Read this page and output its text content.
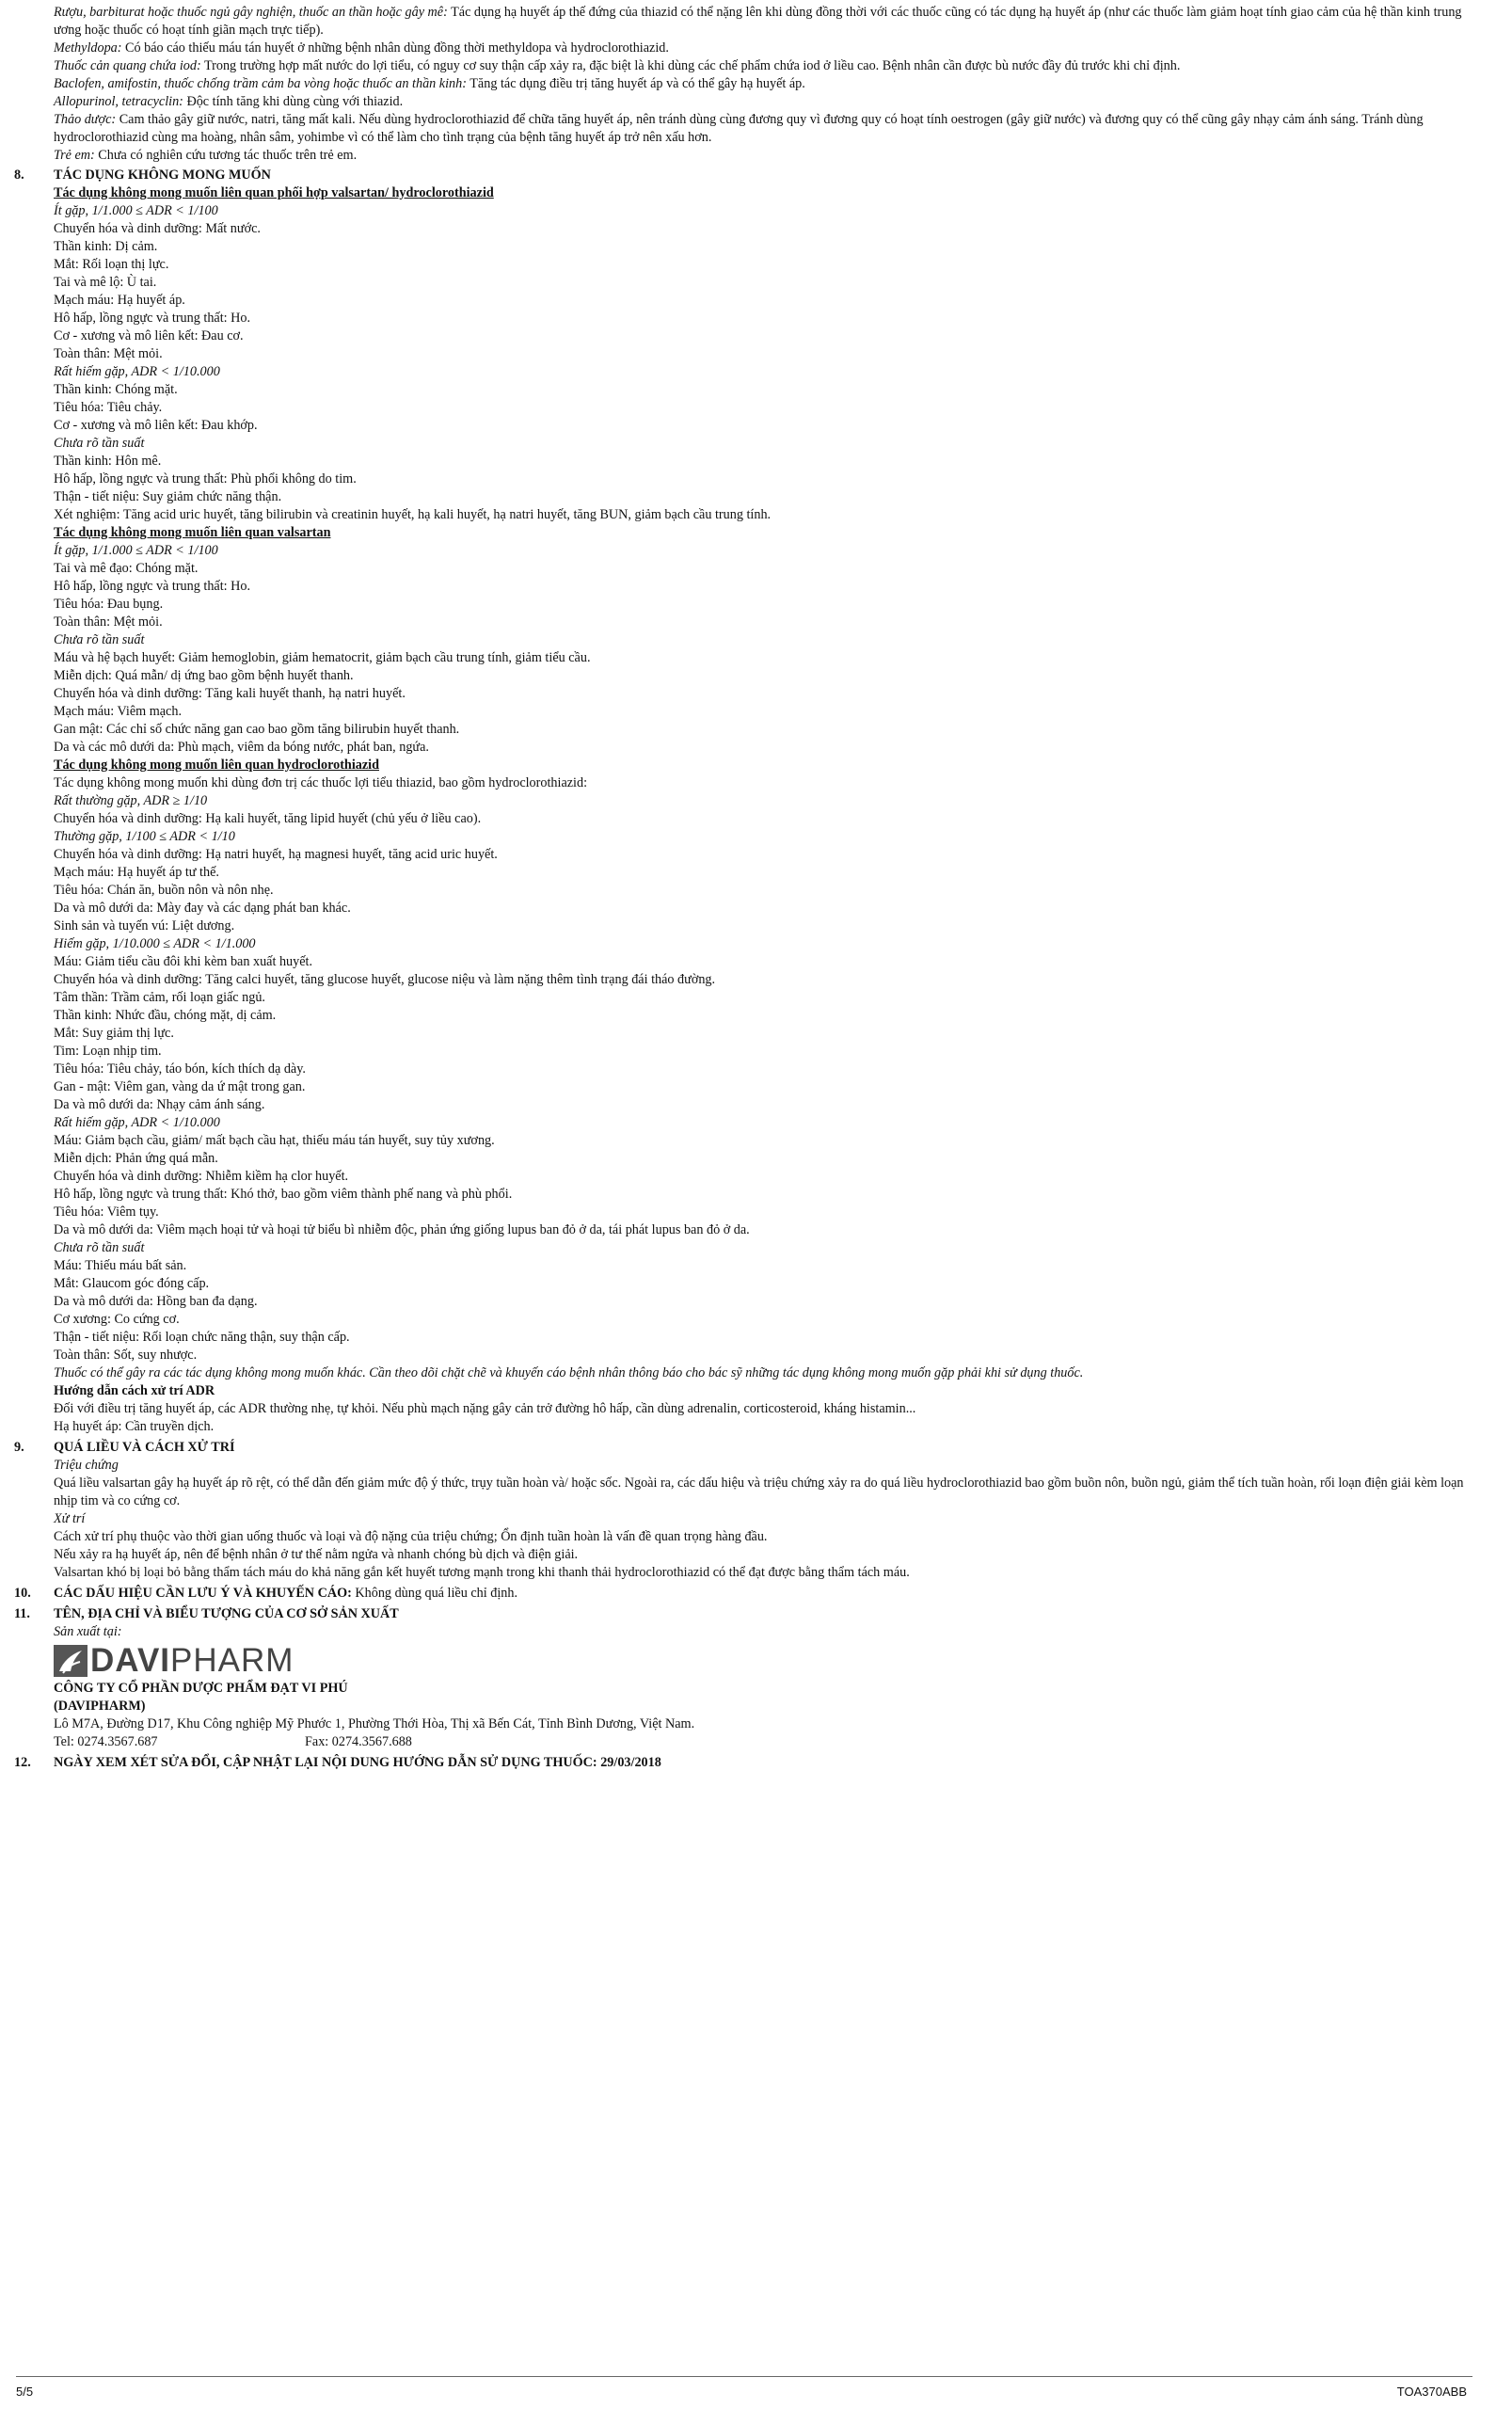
Rượu, barbiturat hoặc thuốc ngủ gây nghiện, thuốc an thần hoặc gây mê: Tác dụng hạ huyết áp thế đứng của thiazid có thể nặng lên khi dùng đồng thời với các thuốc cũng có tác dụng hạ huyết áp (như các thuốc làm giảm hoạt tính giao cảm của hệ thần kinh trung ương hoặc thuốc có hoạt tính giãn mạch trực tiếp).
Methyldopa: Có báo cáo thiếu máu tán huyết ở những bệnh nhân dùng đồng thời methyldopa và hydroclorothiazid.
Thuốc cản quang chứa iod: Trong trường hợp mất nước do lợi tiểu, có nguy cơ suy thận cấp xảy ra, đặc biệt là khi dùng các chế phẩm chứa iod ở liều cao. Bệnh nhân cần được bù nước đầy đủ trước khi chỉ định.
Baclofen, amifostin, thuốc chống trầm cảm ba vòng hoặc thuốc an thần kinh: Tăng tác dụng điều trị tăng huyết áp và có thể gây hạ huyết áp.
Allopurinol, tetracyclin: Độc tính tăng khi dùng cùng với thiazid.
Thảo dược: Cam thảo gây giữ nước, natri, tăng mất kali. Nếu dùng hydroclorothiazid để chữa tăng huyết áp, nên tránh dùng cùng đương quy vì đương quy có hoạt tính oestrogen (gây giữ nước) và đương quy có thể cũng gây nhạy cảm ánh sáng. Tránh dùng hydroclorothiazid cùng ma hoàng, nhân sâm, yohimbe vì có thể làm cho tình trạng của bệnh tăng huyết áp trở nên xấu hơn.
Trẻ em: Chưa có nghiên cứu tương tác thuốc trên trẻ em.
8. TÁC DỤNG KHÔNG MONG MUỐN
Tác dụng không mong muốn liên quan phối hợp valsartan/ hydroclorothiazid
Ít gặp, 1/1.000 ≤ ADR < 1/100
Chuyển hóa và dinh dưỡng: Mất nước.
Thần kinh: Dị cảm.
Mắt: Rối loạn thị lực.
Tai và mê lộ: Ù tai.
Mạch máu: Hạ huyết áp.
Hô hấp, lồng ngực và trung thất: Ho.
Cơ - xương và mô liên kết: Đau cơ.
Toàn thân: Mệt mỏi.
Rất hiếm gặp, ADR < 1/10.000
Thần kinh: Chóng mặt.
Tiêu hóa: Tiêu chảy.
Cơ - xương và mô liên kết: Đau khớp.
Chưa rõ tần suất
Thần kinh: Hôn mê.
Hô hấp, lồng ngực và trung thất: Phù phổi không do tim.
Thận - tiết niệu: Suy giảm chức năng thận.
Xét nghiệm: Tăng acid uric huyết, tăng bilirubin và creatinin huyết, hạ kali huyết, hạ natri huyết, tăng BUN, giảm bạch cầu trung tính.
Tác dụng không mong muốn liên quan valsartan
Ít gặp, 1/1.000 ≤ ADR < 1/100
Tai và mê đạo: Chóng mặt.
Hô hấp, lồng ngực và trung thất: Ho.
Tiêu hóa: Đau bụng.
Toàn thân: Mệt mỏi.
Chưa rõ tần suất
Máu và hệ bạch huyết: Giảm hemoglobin, giảm hematocrit, giảm bạch cầu trung tính, giảm tiểu cầu.
Miễn dịch: Quá mẫn/ dị ứng bao gồm bệnh huyết thanh.
Chuyển hóa và dinh dưỡng: Tăng kali huyết thanh, hạ natri huyết.
Mạch máu: Viêm mạch.
Gan mật: Các chỉ số chức năng gan cao bao gồm tăng bilirubin huyết thanh.
Da và các mô dưới da: Phù mạch, viêm da bóng nước, phát ban, ngứa.
Tác dụng không mong muốn liên quan hydroclorothiazid
Tác dụng không mong muốn khi dùng đơn trị các thuốc lợi tiểu thiazid, bao gồm hydroclorothiazid:
Rất thường gặp, ADR ≥ 1/10
Chuyển hóa và dinh dưỡng: Hạ kali huyết, tăng lipid huyết (chủ yếu ở liều cao).
Thường gặp, 1/100 ≤ ADR < 1/10
Chuyển hóa và dinh dưỡng: Hạ natri huyết, hạ magnesi huyết, tăng acid uric huyết.
Mạch máu: Hạ huyết áp tư thế.
Tiêu hóa: Chán ăn, buồn nôn và nôn nhẹ.
Da và mô dưới da: Mày đay và các dạng phát ban khác.
Sinh sản và tuyến vú: Liệt dương.
Hiếm gặp, 1/10.000 ≤ ADR < 1/1.000
Máu: Giảm tiểu cầu đôi khi kèm ban xuất huyết.
Chuyển hóa và dinh dưỡng: Tăng calci huyết, tăng glucose huyết, glucose niệu và làm nặng thêm tình trạng đái tháo đường.
Tâm thần: Trầm cảm, rối loạn giấc ngủ.
Thần kinh: Nhức đầu, chóng mặt, dị cảm.
Mắt: Suy giảm thị lực.
Tim: Loạn nhịp tim.
Tiêu hóa: Tiêu chảy, táo bón, kích thích dạ dày.
Gan - mật: Viêm gan, vàng da ứ mật trong gan.
Da và mô dưới da: Nhạy cảm ánh sáng.
Rất hiếm gặp, ADR < 1/10.000
Máu: Giảm bạch cầu, giảm/ mất bạch cầu hạt, thiếu máu tán huyết, suy tủy xương.
Miễn dịch: Phản ứng quá mẫn.
Chuyển hóa và dinh dưỡng: Nhiễm kiềm hạ clor huyết.
Hô hấp, lồng ngực và trung thất: Khó thở, bao gồm viêm thành phế nang và phù phổi.
Tiêu hóa: Viêm tụy.
Da và mô dưới da: Viêm mạch hoại tử và hoại tử biểu bì nhiễm độc, phản ứng giống lupus ban đỏ ở da, tái phát lupus ban đỏ ở da.
Chưa rõ tần suất
Máu: Thiếu máu bất sản.
Mắt: Glaucom góc đóng cấp.
Da và mô dưới da: Hồng ban đa dạng.
Cơ xương: Co cứng cơ.
Thận - tiết niệu: Rối loạn chức năng thận, suy thận cấp.
Toàn thân: Sốt, suy nhược.
Thuốc có thể gây ra các tác dụng không mong muốn khác. Cần theo dõi chặt chẽ và khuyến cáo bệnh nhân thông báo cho bác sỹ những tác dụng không mong muốn gặp phải khi sử dụng thuốc.
Hướng dẫn cách xử trí ADR
Đối với điều trị tăng huyết áp, các ADR thường nhẹ, tự khỏi. Nếu phù mạch nặng gây cản trở đường hô hấp, cần dùng adrenalin, corticosteroid, kháng histamin...
Hạ huyết áp: Cần truyền dịch.
9. QUÁ LIỀU VÀ CÁCH XỬ TRÍ
Triệu chứng
Quá liều valsartan gây hạ huyết áp rõ rệt, có thể dẫn đến giảm mức độ ý thức, trụy tuần hoàn và/ hoặc sốc. Ngoài ra, các dấu hiệu và triệu chứng xảy ra do quá liều hydroclorothiazid bao gồm buồn nôn, buồn ngủ, giảm thể tích tuần hoàn, rối loạn điện giải kèm loạn nhịp tim và co cứng cơ.
Xử trí
Cách xử trí phụ thuộc vào thời gian uống thuốc và loại và độ nặng của triệu chứng; Ổn định tuần hoàn là vấn đề quan trọng hàng đầu.
Nếu xảy ra hạ huyết áp, nên để bệnh nhân ở tư thế nằm ngửa và nhanh chóng bù dịch và điện giải.
Valsartan khó bị loại bỏ bằng thẩm tách máu do khả năng gắn kết huyết tương mạnh trong khi thanh thải hydroclorothiazid có thể đạt được bằng thẩm tách máu.
10. CÁC DẤU HIỆU CẦN LƯU Ý VÀ KHUYẾN CÁO: Không dùng quá liều chỉ định.
11. TÊN, ĐỊA CHỈ VÀ BIỂU TƯỢNG CỦA CƠ SỞ SẢN XUẤT
Sản xuất tại:
DAVIPHARM
CÔNG TY CỔ PHẦN DƯỢC PHẨM ĐẠT VI PHÚ
(DAVIPHARM)
Lô M7A, Đường D17, Khu Công nghiệp Mỹ Phước 1, Phường Thới Hòa, Thị xã Bến Cát, Tỉnh Bình Dương, Việt Nam.
Tel: 0274.3567.687	Fax: 0274.3567.688
12. NGÀY XEM XÉT SỬA ĐỔI, CẬP NHẬT LẠI NỘI DUNG HƯỚNG DẪN SỬ DỤNG THUỐC: 29/03/2018
5/5	TOA370ABB
